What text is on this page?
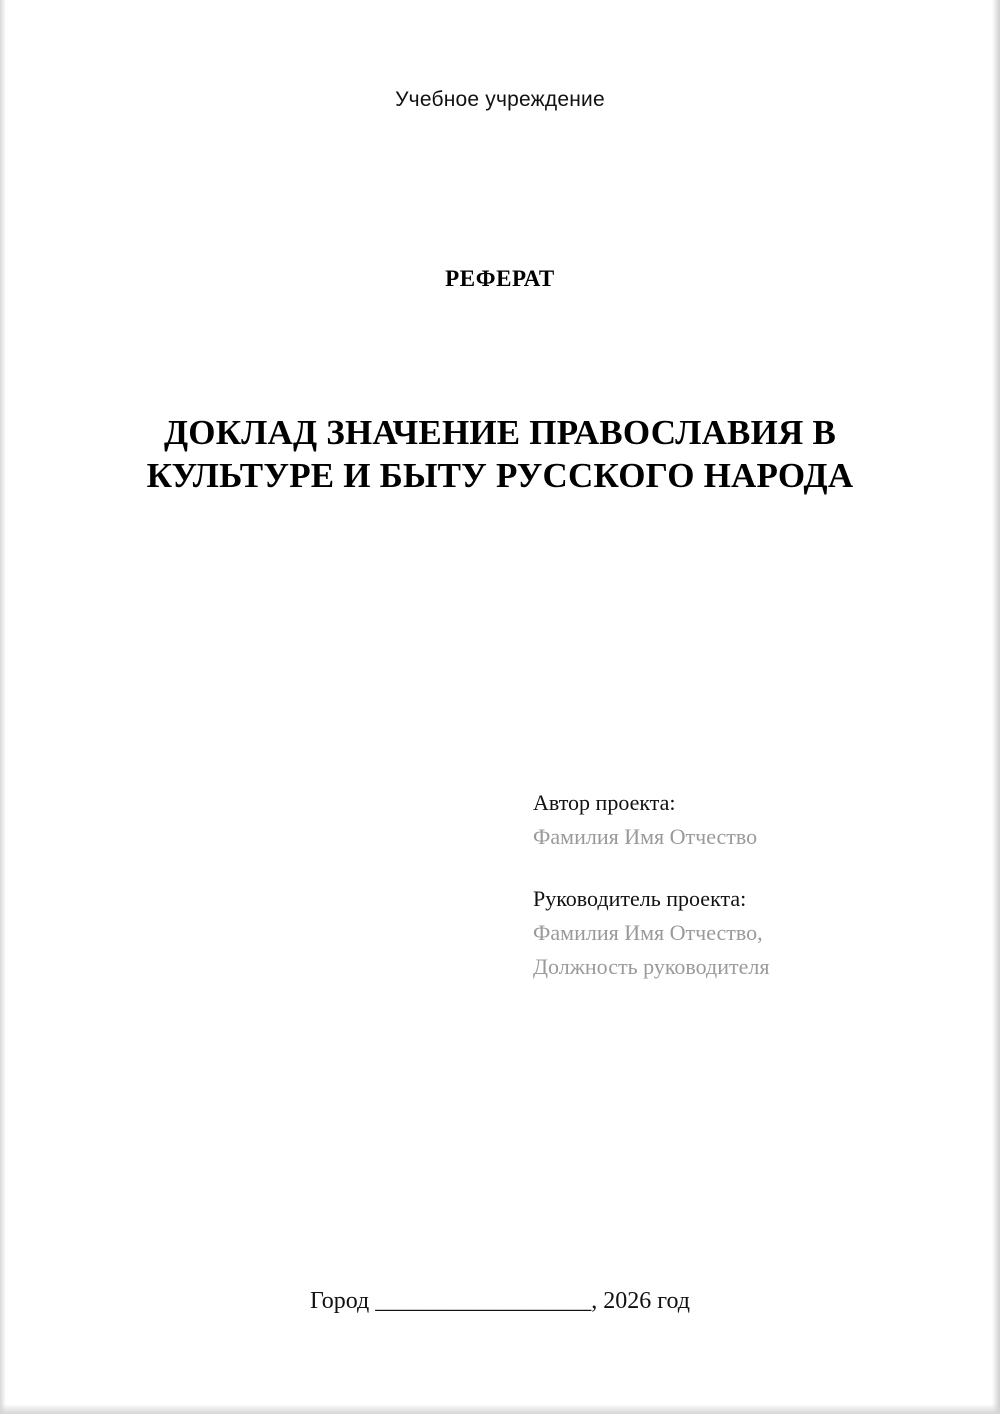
Учебное учреждение
РЕФЕРАТ
ДОКЛАД ЗНАЧЕНИЕ ПРАВОСЛАВИЯ В КУЛЬТУРЕ И БЫТУ РУССКОГО НАРОДА
Автор проекта:
Фамилия Имя Отчество
Руководитель проекта:
Фамилия Имя Отчество,
Должность руководителя
Город __________________, 2026 год
